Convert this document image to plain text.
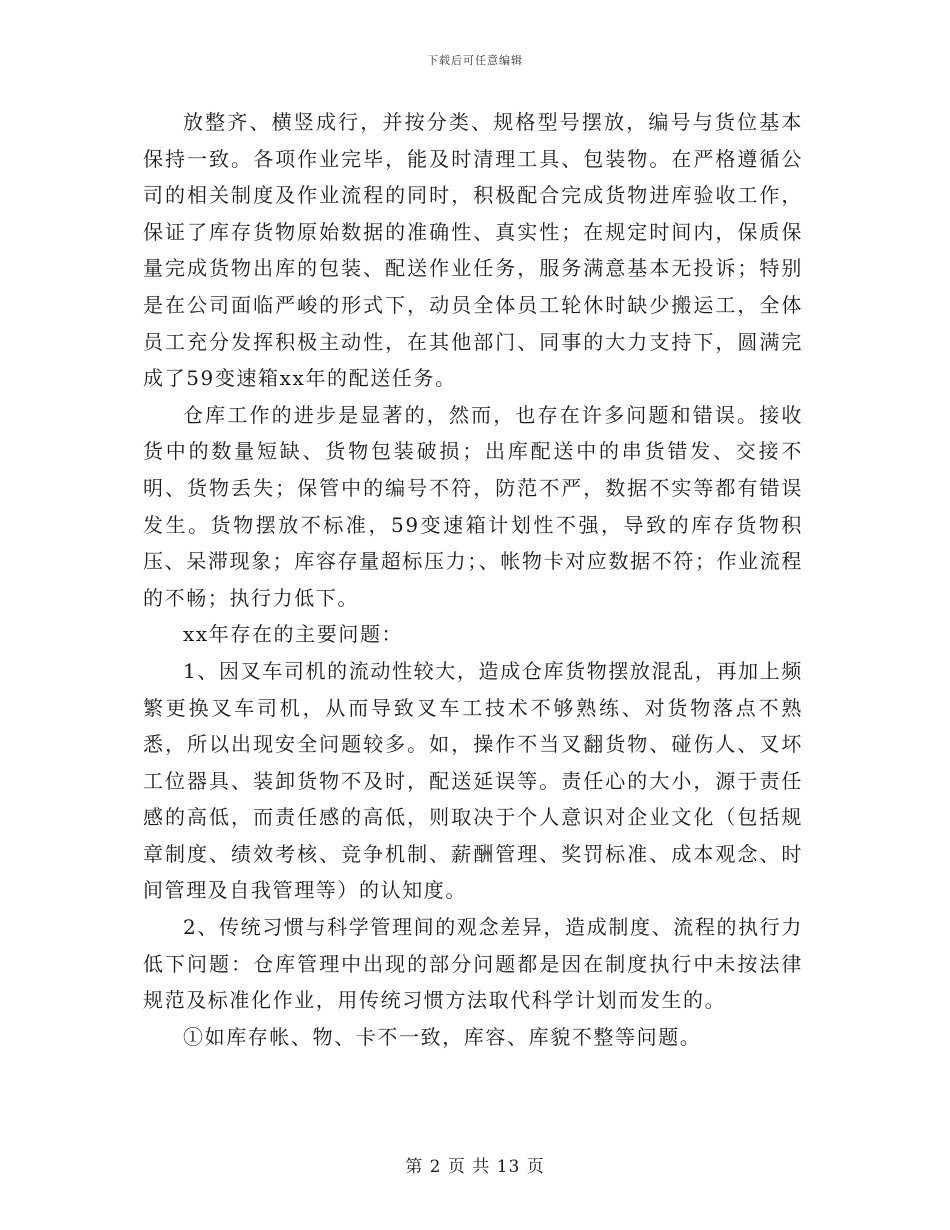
下载后可任意编辑

放整齐、横竖成行，并按分类、规格型号摆放，编号与货位基本保持一致。各项作业完毕，能及时清理工具、包装物。在严格遵循公司的相关制度及作业流程的同时，积极配合完成货物进库验收工作，保证了库存货物原始数据的准确性、真实性；在规定时间内，保质保量完成货物出库的包装、配送作业任务，服务满意基本无投诉；特别是在公司面临严峻的形式下，动员全体员工轮休时缺少搬运工，全体员工充分发挥积极主动性，在其他部门、同事的大力支持下，圆满完成了59变速箱xx年的配送任务。

仓库工作的进步是显著的，然而，也存在许多问题和错误。接收货中的数量短缺、货物包装破损；出库配送中的串货错发、交接不明、货物丢失；保管中的编号不符，防范不严，数据不实等都有错误发生。货物摆放不标准，59变速箱计划性不强，导致的库存货物积压、呆滞现象；库容存量超标压力；、帐物卡对应数据不符；作业流程的不畅；执行力低下。

xx年存在的主要问题：

1、因叉车司机的流动性较大，造成仓库货物摆放混乱，再加上频繁更换叉车司机，从而导致叉车工技术不够熟练、对货物落点不熟悉，所以出现安全问题较多。如，操作不当叉翻货物、碰伤人、叉坏工位器具、装卸货物不及时，配送延误等。责任心的大小，源于责任感的高低，而责任感的高低，则取决于个人意识对企业文化（包括规章制度、绩效考核、竞争机制、薪酬管理、奖罚标准、成本观念、时间管理及自我管理等）的认知度。

2、传统习惯与科学管理间的观念差异，造成制度、流程的执行力低下问题：仓库管理中出现的部分问题都是因在制度执行中未按法律规范及标准化作业，用传统习惯方法取代科学计划而发生的。

①如库存帐、物、卡不一致，库容、库貌不整等问题。

第 2 页 共 13 页
